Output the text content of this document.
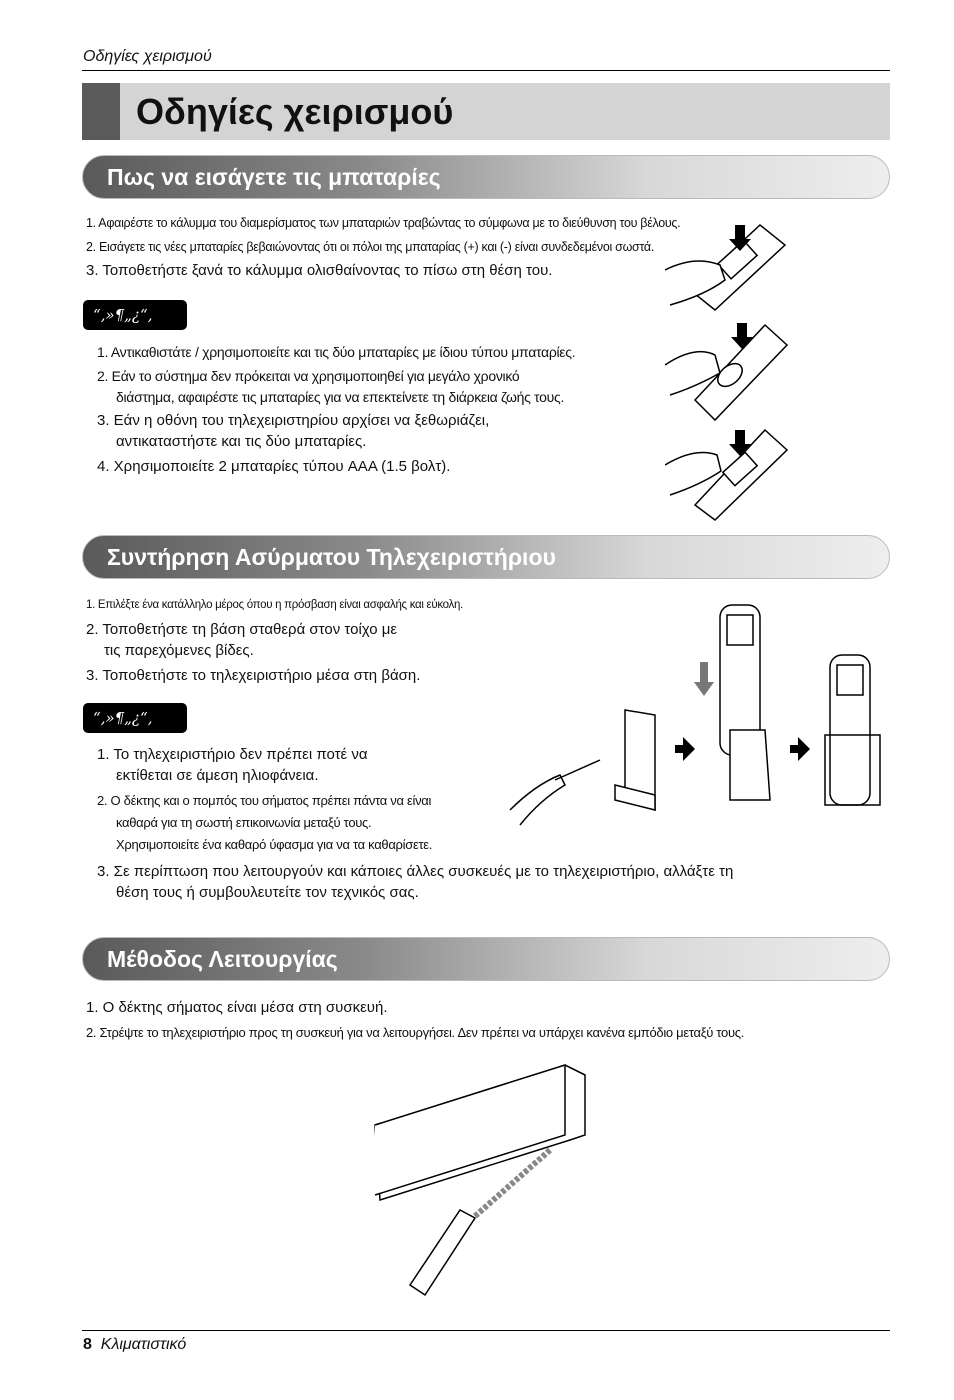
Οδηγίες χειρισμού
Οδηγίες χειρισμού
Πως να εισάγετε τις μπαταρίες
1. Αφαιρέστε το κάλυμμα του διαμερίσματος των μπαταριών τραβώντας το σύμφωνα με το διεύθυνση του βέλους.
2. Εισάγετε τις νέες μπαταρίες βεβαιώνοντας ότι οι πόλοι της μπαταρίας (+) και (-) είναι συνδεδεμένοι σωστά.
3. Τοποθετήστε ξανά το κάλυμμα ολισθαίνοντας το πίσω στη θέση του.
“‚»¶„¿“‚
1. Αντικαθιστάτε / χρησιμοποιείτε και τις δύο μπαταρίες με ίδιου τύπου μπαταρίες.
2. Εάν το σύστημα δεν πρόκειται να χρησιμοποιηθεί για μεγάλο χρονικό
διάστημα, αφαιρέστε τις μπαταρίες για να επεκτείνετε τη διάρκεια ζωής τους.
3. Εάν η οθόνη του τηλεχειριστηρίου αρχίσει να ξεθωριάζει,
αντικαταστήστε και τις δύο μπαταρίες.
4. Χρησιμοποιείτε 2 μπαταρίες τύπου AAA (1.5 βολτ).
Συντήρηση Ασύρματου Τηλεχειριστήριου
1. Επιλέξτε ένα κατάλληλο μέρος όπου η πρόσβαση είναι ασφαλής και εύκολη.
2. Τοποθετήστε τη βάση σταθερά στον τοίχο με
τις παρεχόμενες βίδες.
3. Τοποθετήστε το τηλεχειριστήριο μέσα στη βάση.
“‚»¶„¿“‚
1. Το τηλεχειριστήριο δεν πρέπει ποτέ να
εκτίθεται σε άμεση ηλιοφάνεια.
2. Ο δέκτης και ο πομπός του σήματος πρέπει πάντα να είναι
καθαρά για τη σωστή επικοινωνία μεταξύ τους.
Χρησιμοποιείτε ένα καθαρό ύφασμα για να τα καθαρίσετε.
3. Σε περίπτωση που λειτουργούν και κάποιες άλλες συσκευές με το τηλεχειριστήριο, αλλάξτε τη
θέση τους ή συμβουλευτείτε τον τεχνικός σας.
Μέθοδος Λειτουργίας
1. Ο δέκτης σήματος είναι μέσα στη συσκευή.
2. Στρέψτε το τηλεχειριστήριο προς τη συσκευή για να λειτουργήσει. Δεν πρέπει να υπάρχει κανένα εμπόδιο μεταξύ τους.
8 Κλιματιστικό
